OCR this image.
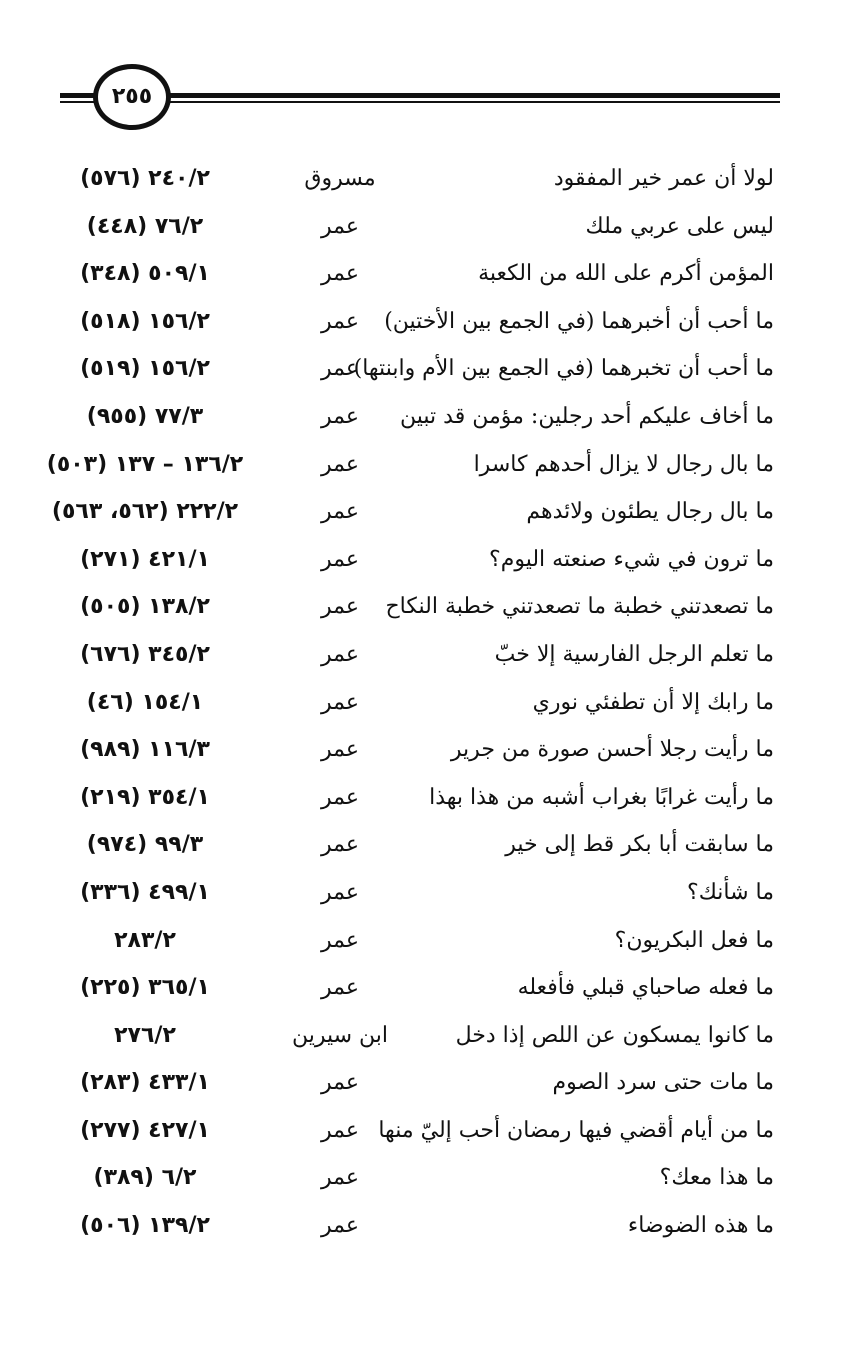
٢٥٥
لولا أن عمر خير المفقود
مسروق
٢٤٠/٢ (٥٧٦)
ليس على عربي ملك
عمر
٧٦/٢ (٤٤٨)
المؤمن أكرم على الله من الكعبة
عمر
٥٠٩/١ (٣٤٨)
ما أحب أن أخبرهما (في الجمع بين الأختين)
عمر
١٥٦/٢ (٥١٨)
ما أحب أن تخبرهما (في الجمع بين الأم وابنتها)
عمر
١٥٦/٢ (٥١٩)
ما أخاف عليكم أحد رجلين: مؤمن قد تبين
عمر
٧٧/٣ (٩٥٥)
ما بال رجال لا يزال أحدهم كاسرا
عمر
١٣٦/٢ – ١٣٧ (٥٠٣)
ما بال رجال يطئون ولائدهم
عمر
٢٢٢/٢ (٥٦٢، ٥٦٣)
ما ترون في شيء صنعته اليوم؟
عمر
٤٢١/١ (٢٧١)
ما تصعدتني خطبة ما تصعدتني خطبة النكاح
عمر
١٣٨/٢ (٥٠٥)
ما تعلم الرجل الفارسية إلا خبّ
عمر
٣٤٥/٢ (٦٧٦)
ما رابك إلا أن تطفئي نوري
عمر
١٥٤/١ (٤٦)
ما رأيت رجلا أحسن صورة من جرير
عمر
١١٦/٣ (٩٨٩)
ما رأيت غرابًا بغراب أشبه من هذا بهذا
عمر
٣٥٤/١ (٢١٩)
ما سابقت أبا بكر قط إلى خير
عمر
٩٩/٣ (٩٧٤)
ما شأنك؟
عمر
٤٩٩/١ (٣٣٦)
ما فعل البكريون؟
عمر
٢٨٣/٢
ما فعله صاحباي قبلي فأفعله
عمر
٣٦٥/١ (٢٢٥)
ما كانوا يمسكون عن اللص إذا دخل
ابن سيرين
٢٧٦/٢
ما مات حتى سرد الصوم
عمر
٤٣٣/١ (٢٨٣)
ما من أيام أقضي فيها رمضان أحب إليّ منها
عمر
٤٢٧/١ (٢٧٧)
ما هذا معك؟
عمر
٦/٢ (٣٨٩)
ما هذه الضوضاء
عمر
١٣٩/٢ (٥٠٦)
